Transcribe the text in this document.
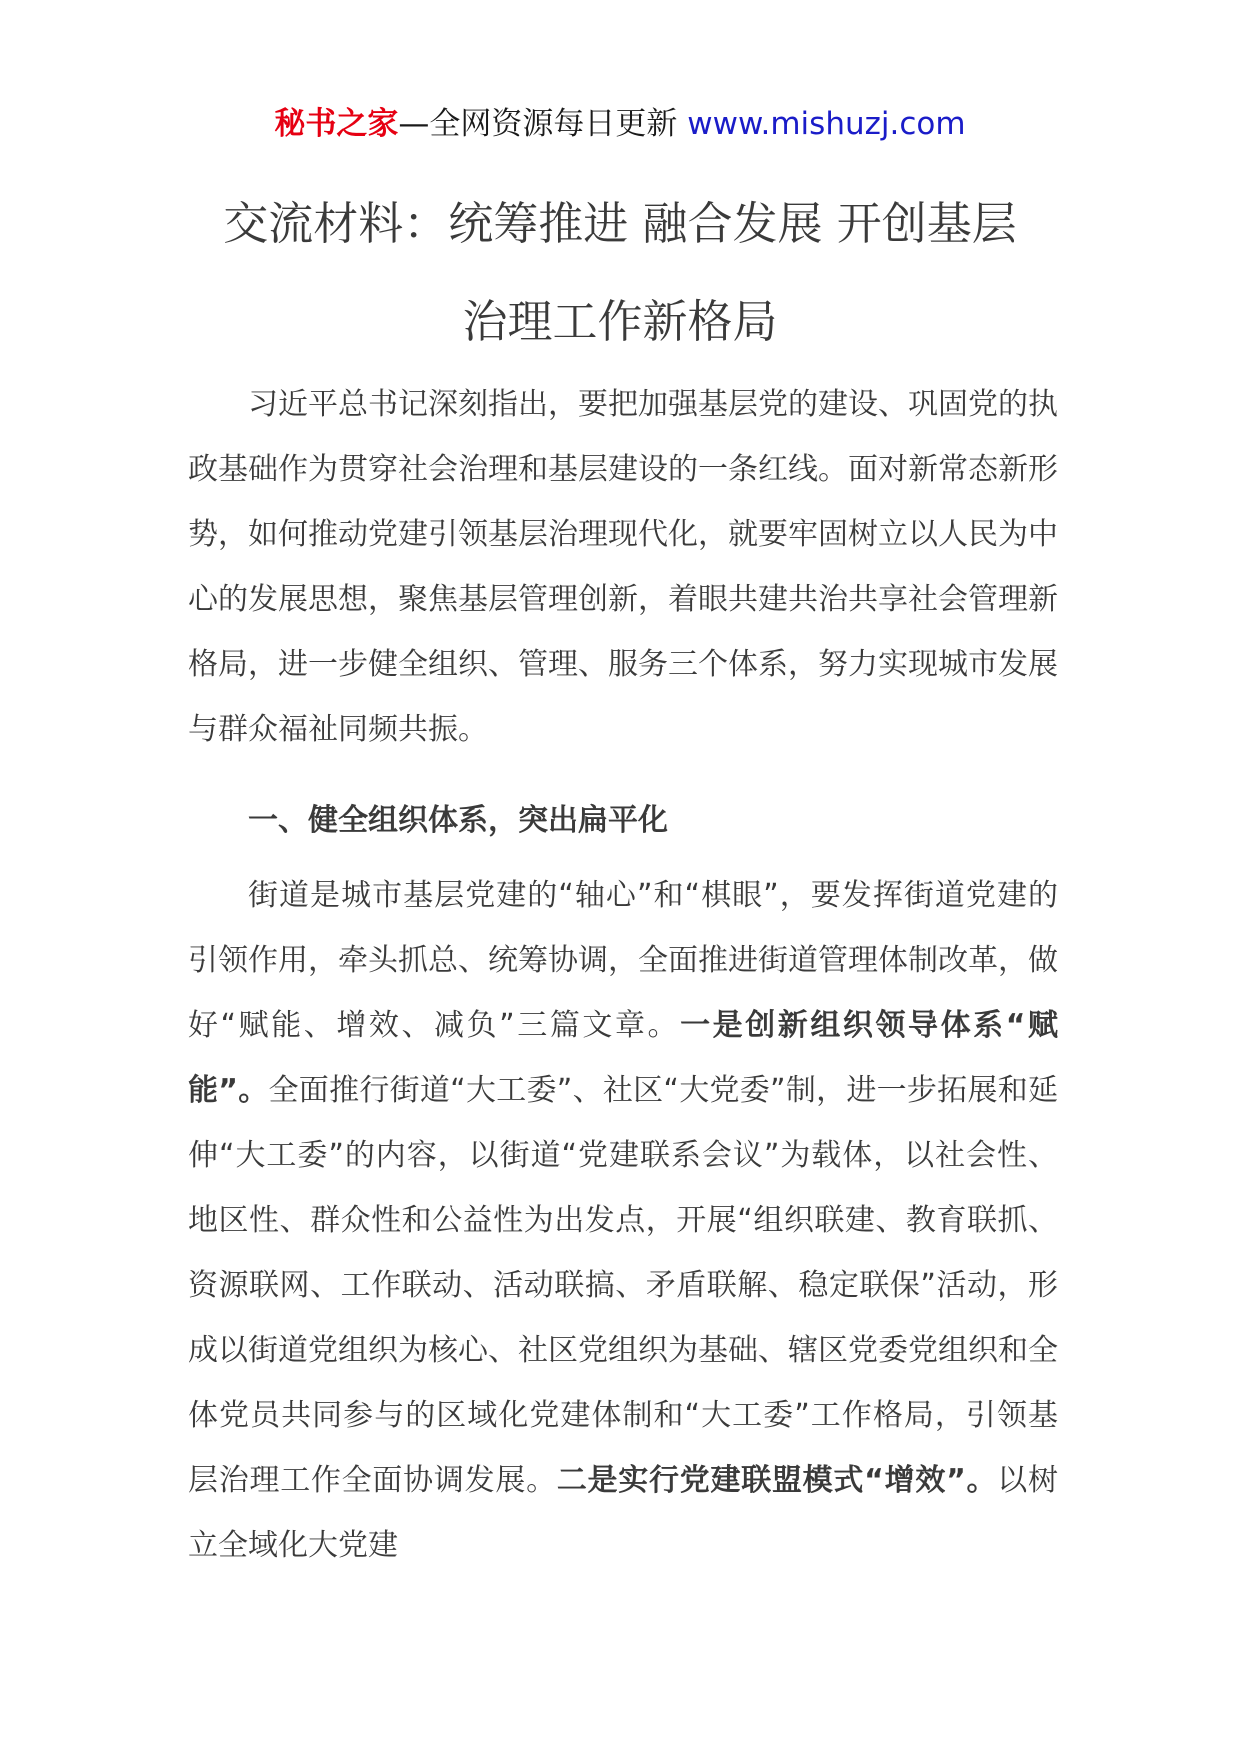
秘书之家—全网资源每日更新 www.mishuzj.com
交流材料：统筹推进 融合发展 开创基层
治理工作新格局

习近平总书记深刻指出，要把加强基层党的建设、巩固党的执政基础作为贯穿社会治理和基层建设的一条红线。面对新常态新形势，如何推动党建引领基层治理现代化，就要牢固树立以人民为中心的发展思想，聚焦基层管理创新，着眼共建共治共享社会管理新格局，进一步健全组织、管理、服务三个体系，努力实现城市发展与群众福祉同频共振。

一、健全组织体系，突出扁平化

街道是城市基层党建的“轴心”和“棋眼”，要发挥街道党建的引领作用，牵头抓总、统筹协调，全面推进街道管理体制改革，做好“赋能、增效、减负”三篇文章。一是创新组织领导体系“赋能”。全面推行街道“大工委”、社区“大党委”制，进一步拓展和延伸“大工委”的内容，以街道“党建联系会议”为载体，以社会性、地区性、群众性和公益性为出发点，开展“组织联建、教育联抓、资源联网、工作联动、活动联搞、矛盾联解、稳定联保”活动，形成以街道党组织为核心、社区党组织为基础、辖区党委党组织和全体党员共同参与的区域化党建体制和“大工委”工作格局，引领基层治理工作全面协调发展。二是实行党建联盟模式“增效”。以树立全域化大党建
